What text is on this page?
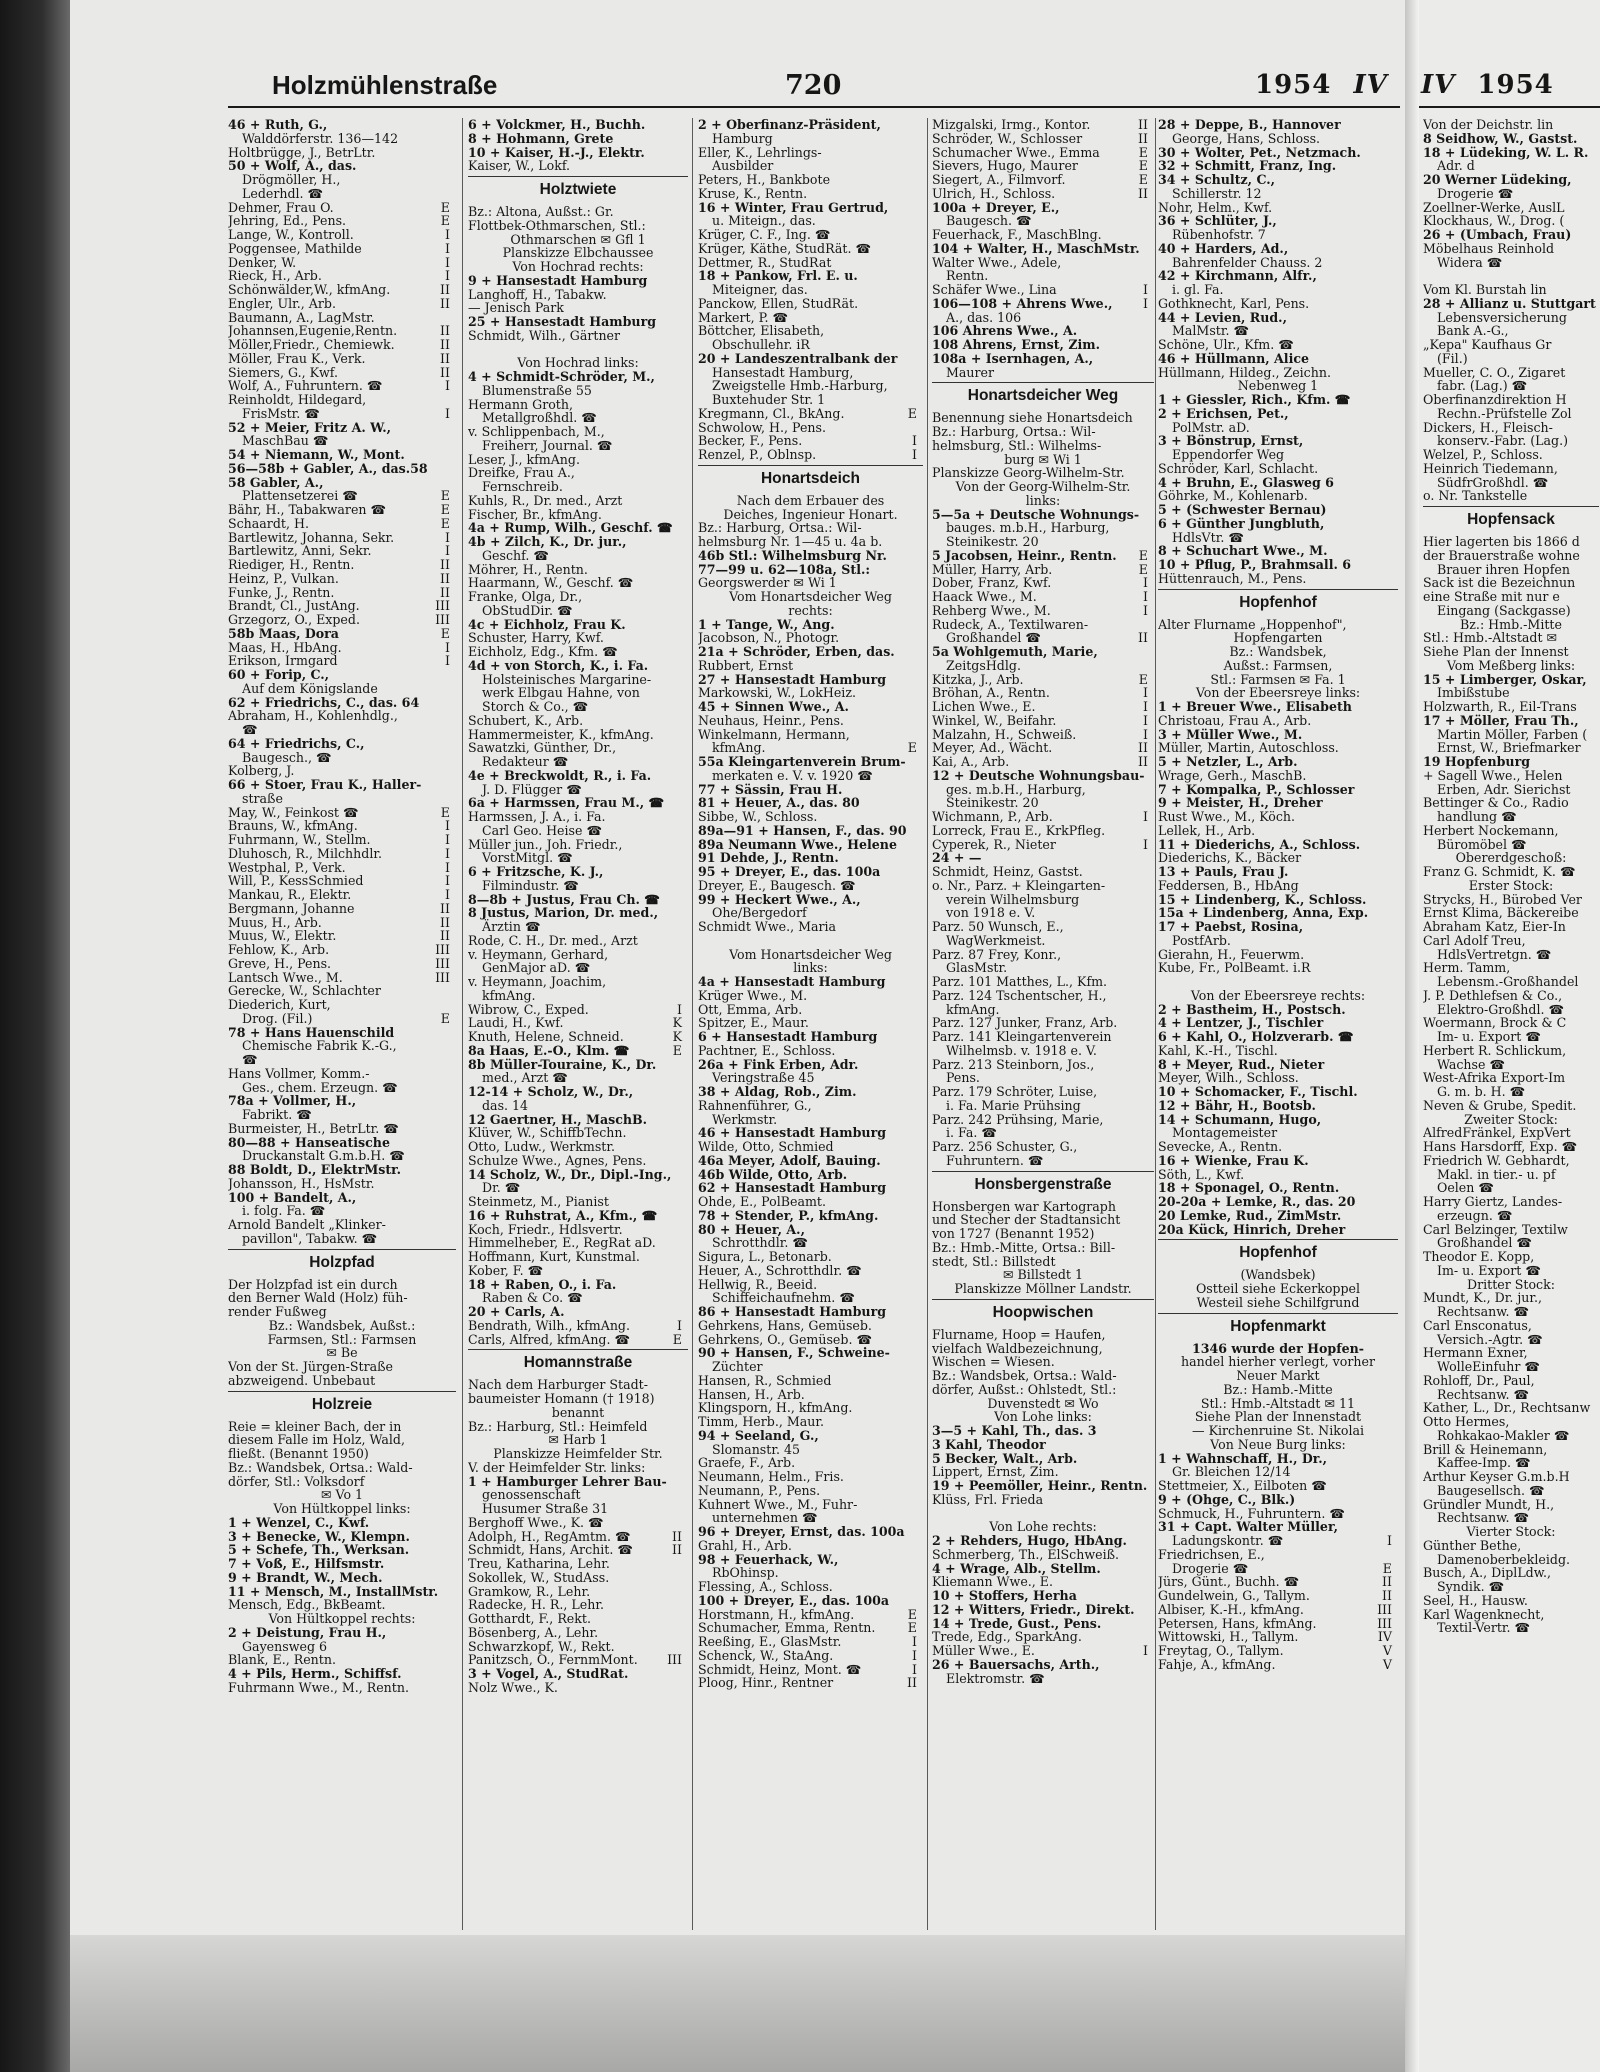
IV 1954
Von der Deichstr. lin
8 Seidhow, W., Gastst.
18 + Lüdeking, W. L. R.
Adr. d
20 Werner Lüdeking,
Drogerie ☎
Zoellner-Werke, AuslL
Klockhaus, W., Drog. (
26 + (Umbach, Frau)
Möbelhaus Reinhold
Widera ☎
Vom Kl. Burstah lin
28 + Allianz u. Stuttgart
Lebensversicherung
Bank A.-G.,
„Kepa" Kaufhaus Gr
(Fil.)
Mueller, C. O., Zigaret
fabr. (Lag.) ☎
Oberfinanzdirektion H
Rechn.-Prüfstelle Zol
Dickers, H., Fleisch-
konserv.-Fabr. (Lag.)
Welzel, P., Schloss.
Heinrich Tiedemann,
SüdfrGroßhdl. ☎
o. Nr. Tankstelle
Hopfensack
Hier lagerten bis 1866 d
der Brauerstraße wohne
Brauer ihren Hopfen
Sack ist die Bezeichnun
eine Straße mit nur e
Eingang (Sackgasse)
Bz.: Hmb.-Mitte
Stl.: Hmb.-Altstadt ✉
Siehe Plan der Innenst
Vom Meßberg links:
15 + Limberger, Oskar,
Imbißstube
Holzwarth, R., Eil-Trans
17 + Möller, Frau Th.,
Martin Möller, Farben (
Ernst, W., Briefmarker
19 Hopfenburg
+ Sagell Wwe., Helen
Erben, Adr. Sierichst
Bettinger & Co., Radio
handlung ☎
Herbert Nockemann,
Büromöbel ☎
Obererdgeschoß:
Franz G. Schmidt, K. ☎
Erster Stock:
Strycks, H., Bürobed Ver
Ernst Klima, Bäckereibe
Abraham Katz, Eier-In
Carl Adolf Treu,
HdlsVertretgn. ☎
Herm. Tamm,
Lebensm.-Großhandel
J. P. Dethlefsen & Co.,
Elektro-Großhdl. ☎
Woermann, Brock & C
Im- u. Export ☎
Herbert R. Schlickum,
Wachse ☎
West-Afrika Export-Im
G. m. b. H. ☎
Neven & Grube, Spedit.
Zweiter Stock:
AlfredFränkel, ExpVert
Hans Harsdorff, Exp. ☎
Friedrich W. Gebhardt,
Makl. in tier.- u. pf
Oelen ☎
Harry Giertz, Landes-
erzeugn. ☎
Carl Belzinger, Textilw
Großhandel ☎
Theodor E. Kopp,
Im- u. Export ☎
Dritter Stock:
Mundt, K., Dr. jur.,
Rechtsanw. ☎
Carl Ensconatus,
Versich.-Agtr. ☎
Hermann Exner,
WolleEinfuhr ☎
Rohloff, Dr., Paul,
Rechtsanw. ☎
Kather, L., Dr., Rechtsanw
Otto Hermes,
Rohkakao-Makler ☎
Brill & Heinemann,
Kaffee-Imp. ☎
Arthur Keyser G.m.b.H
Baugesellsch. ☎
Gründler Mundt, H.,
Rechtsanw. ☎
Vierter Stock:
Günther Bethe,
Damenoberbekleidg.
Busch, A., DiplLdw.,
Syndik. ☎
Seel, H., Hausw.
Karl Wagenknecht,
Textil-Vertr. ☎
Holzmühlenstraße	720	1954 IV
46 + Ruth, G.,
Walddörferstr. 136—142
Holtbrügge, J., BetrLtr.
50 + Wolf, A., das.
Drögmöller, H.,
Lederhdl. ☎
E
Dehmer, Frau O.
E
Jehring, Ed., Pens.
I
Lange, W., Kontroll.
I
Poggensee, Mathilde
I
Denker, W.
I
Rieck, H., Arb.
II
Schönwälder,W., kfmAng.
II
Engler, Ulr., Arb.
Baumann, A., LagMstr.
II
Johannsen,Eugenie,Rentn.
II
Möller,Friedr., Chemiewk.
II
Möller, Frau K., Verk.
II
Siemers, G., Kwf.
I
Wolf, A., Fuhruntern. ☎
Reinholdt, Hildegard,
I
FrisMstr. ☎
52 + Meier, Fritz A. W.,
MaschBau ☎
54 + Niemann, W., Mont.
56—58b + Gabler, A., das.58
58 Gabler, A.,
E
Plattensetzerei ☎
E
Bähr, H., Tabakwaren ☎
E
Schaardt, H.
I
Bartlewitz, Johanna, Sekr.
I
Bartlewitz, Anni, Sekr.
II
Riediger, H., Rentn.
II
Heinz, P., Vulkan.
II
Funke, J., Rentn.
III
Brandt, Cl., JustAng.
III
Grzegorz, O., Exped.
E
58b Maas, Dora
I
Maas, H., HbAng.
I
Erikson, Irmgard
60 + Forip, C.,
Auf dem Königslande
62 + Friedrichs, C., das. 64
Abraham, H., Kohlenhdlg.,
☎
64 + Friedrichs, C.,
Baugesch., ☎
Kolberg, J.
66 + Stoer, Frau K., Haller-
straße
E
May, W., Feinkost ☎
I
Brauns, W., kfmAng.
I
Fuhrmann, W., Stellm.
I
Dluhosch, R., Milchhdlr.
I
Westphal, P., Verk.
I
Will, P., KessSchmied
I
Mankau, R., Elektr.
II
Bergmann, Johanne
II
Muus, H., Arb.
II
Muus, W., Elektr.
III
Fehlow, K., Arb.
III
Greve, H., Pens.
III
Lantsch Wwe., M.
Gerecke, W., Schlachter
Diederich, Kurt,
E
Drog. (Fil.)
78 + Hans Hauenschild
Chemische Fabrik K.-G.,
☎
Hans Vollmer, Komm.-
Ges., chem. Erzeugn. ☎
78a + Vollmer, H.,
Fabrikt. ☎
Burmeister, H., BetrLtr. ☎
80—88 + Hanseatische
Druckanstalt G.m.b.H. ☎
88 Boldt, D., ElektrMstr.
Johansson, H., HsMstr.
100 + Bandelt, A.,
i. folg. Fa. ☎
Arnold Bandelt „Klinker-
pavillon", Tabakw. ☎
Holzpfad
Der Holzpfad ist ein durch
den Berner Wald (Holz) füh-
render Fußweg
Bz.: Wandsbek, Außst.:
Farmsen, Stl.: Farmsen
✉ Be
Von der St. Jürgen-Straße
abzweigend. Unbebaut
Holzreie
Reie = kleiner Bach, der in
diesem Falle im Holz, Wald,
fließt. (Benannt 1950)
Bz.: Wandsbek, Ortsa.: Wald-
dörfer, Stl.: Volksdorf
✉ Vo 1
Von Hültkoppel links:
1 + Wenzel, C., Kwf.
3 + Benecke, W., Klempn.
5 + Schefe, Th., Werksan.
7 + Voß, E., Hilfsmstr.
9 + Brandt, W., Mech.
11 + Mensch, M., InstallMstr.
Mensch, Edg., BkBeamt.
Von Hültkoppel rechts:
2 + Deistung, Frau H.,
Gayensweg 6
Blank, E., Rentn.
4 + Pils, Herm., Schiffsf.
Fuhrmann Wwe., M., Rentn.
6 + Volckmer, H., Buchh.
8 + Hohmann, Grete
10 + Kaiser, H.-J., Elektr.
Kaiser, W., Lokf.
Holztwiete
Bz.: Altona, Außst.: Gr.
Flottbek-Othmarschen, Stl.:
Othmarschen ✉ Gfl 1
Planskizze Elbchaussee
Von Hochrad rechts:
9 + Hansestadt Hamburg
Langhoff, H., Tabakw.
— Jenisch Park
25 + Hansestadt Hamburg
Schmidt, Wilh., Gärtner
Von Hochrad links:
4 + Schmidt-Schröder, M.,
Blumenstraße 55
Hermann Groth,
Metallgroßhdl. ☎
v. Schlippenbach, M.,
Freiherr, Journal. ☎
Leser, J., kfmAng.
Dreifke, Frau A.,
Fernschreib.
Kuhls, R., Dr. med., Arzt
Fischer, Br., kfmAng.
4a + Rump, Wilh., Geschf. ☎
4b + Zilch, K., Dr. jur.,
Geschf. ☎
Möhrer, H., Rentn.
Haarmann, W., Geschf. ☎
Franke, Olga, Dr.,
ObStudDir. ☎
4c + Eichholz, Frau K.
Schuster, Harry, Kwf.
Eichholz, Edg., Kfm. ☎
4d + von Storch, K., i. Fa.
Holsteinisches Margarine-
werk Elbgau Hahne, von
Storch & Co., ☎
Schubert, K., Arb.
Hammermeister, K., kfmAng.
Sawatzki, Günther, Dr.,
Redakteur ☎
4e + Breckwoldt, R., i. Fa.
J. D. Flügger ☎
6a + Harmssen, Frau M., ☎
Harmssen, J. A., i. Fa.
Carl Geo. Heise ☎
Müller jun., Joh. Friedr.,
VorstMitgl. ☎
6 + Fritzsche, K. J.,
Filmindustr. ☎
8—8b + Justus, Frau Ch. ☎
8 Justus, Marion, Dr. med.,
Ärztin ☎
Rode, C. H., Dr. med., Arzt
v. Heymann, Gerhard,
GenMajor aD. ☎
v. Heymann, Joachim,
kfmAng.
I
Wibrow, C., Exped.
K
Laudi, H., Kwf.
K
Knuth, Helene, Schneid.
E
8a Haas, E.-O., Klm. ☎
8b Müller-Touraine, K., Dr.
med., Arzt ☎
12-14 + Scholz, W., Dr.,
das. 14
12 Gaertner, H., MaschB.
Klüver, W., SchiffbTechn.
Otto, Ludw., Werkmstr.
Schulze Wwe., Agnes, Pens.
14 Scholz, W., Dr., Dipl.-Ing.,
Dr. ☎
Steinmetz, M., Pianist
16 + Ruhstrat, A., Kfm., ☎
Koch, Friedr., Hdlsvertr.
Himmelheber, E., RegRat aD.
Hoffmann, Kurt, Kunstmal.
Kober, F. ☎
18 + Raben, O., i. Fa.
Raben & Co. ☎
20 + Carls, A.
I
Bendrath, Wilh., kfmAng.
E
Carls, Alfred, kfmAng. ☎
Homannstraße
Nach dem Harburger Stadt-
baumeister Homann († 1918)
benannt
Bz.: Harburg, Stl.: Heimfeld
✉ Harb 1
Planskizze Heimfelder Str.
V. der Heimfelder Str. links:
1 + Hamburger Lehrer Bau-
genossenschaft
Husumer Straße 31
Berghoff Wwe., K. ☎
II
Adolph, H., RegAmtm. ☎
II
Schmidt, Hans, Archit. ☎
Treu, Katharina, Lehr.
Sokollek, W., StudAss.
Gramkow, R., Lehr.
Radecke, H. R., Lehr.
Gotthardt, F., Rekt.
Bösenberg, A., Lehr.
Schwarzkopf, W., Rekt.
III
Panitzsch, O., FernmMont.
3 + Vogel, A., StudRat.
Nolz Wwe., K.
2 + Oberfinanz-Präsident,
Hamburg
Eller, K., Lehrlings-
Ausbilder
Peters, H., Bankbote
Kruse, K., Rentn.
16 + Winter, Frau Gertrud,
u. Miteign., das.
Krüger, C. F., Ing. ☎
Krüger, Käthe, StudRät. ☎
Dettmer, R., StudRat
18 + Pankow, Frl. E. u.
Miteigner, das.
Panckow, Ellen, StudRät.
Markert, P. ☎
Böttcher, Elisabeth,
Obschullehr. iR
20 + Landeszentralbank der
Hansestadt Hamburg,
Zweigstelle Hmb.-Harburg,
Buxtehuder Str. 1
E
Kregmann, Cl., BkAng.
Schwolow, H., Pens.
I
Becker, F., Pens.
I
Renzel, P., Oblnsp.
Honartsdeich
Nach dem Erbauer des
Deiches, Ingenieur Honart.
Bz.: Harburg, Ortsa.: Wil-
helmsburg Nr. 1—45 u. 4a b.
46b Stl.: Wilhelmsburg Nr.
77—99 u. 62—108a, Stl.:
Georgswerder ✉ Wi 1
Vom Honartsdeicher Weg
rechts:
1 + Tange, W., Ang.
Jacobson, N., Photogr.
21a + Schröder, Erben, das.
Rubbert, Ernst
27 + Hansestadt Hamburg
Markowski, W., LokHeiz.
45 + Sinnen Wwe., A.
Neuhaus, Heinr., Pens.
Winkelmann, Hermann,
E
kfmAng.
55a Kleingartenverein Brum-
merkaten e. V. v. 1920 ☎
77 + Sässin, Frau H.
81 + Heuer, A., das. 80
Sibbe, W., Schloss.
89a—91 + Hansen, F., das. 90
89a Neumann Wwe., Helene
91 Dehde, J., Rentn.
95 + Dreyer, E., das. 100a
Dreyer, E., Baugesch. ☎
99 + Heckert Wwe., A.,
Ohe/Bergedorf
Schmidt Wwe., Maria
Vom Honartsdeicher Weg
links:
4a + Hansestadt Hamburg
Krüger Wwe., M.
Ott, Emma, Arb.
Spitzer, E., Maur.
6 + Hansestadt Hamburg
Pachtner, E., Schloss.
26a + Fink Erben, Adr.
Veringstraße 45
38 + Aldag, Rob., Zim.
Rahnenführer, G.,
Werkmstr.
46 + Hansestadt Hamburg
Wilde, Otto, Schmied
46a Meyer, Adolf, Bauing.
46b Wilde, Otto, Arb.
62 + Hansestadt Hamburg
Ohde, E., PolBeamt.
78 + Stender, P., kfmAng.
80 + Heuer, A.,
Schrotthdlr. ☎
Sigura, L., Betonarb.
Heuer, A., Schrotthdlr. ☎
Hellwig, R., Beeid.
Schiffeichaufnehm. ☎
86 + Hansestadt Hamburg
Gehrkens, Hans, Gemüseb.
Gehrkens, O., Gemüseb. ☎
90 + Hansen, F., Schweine-
Züchter
Hansen, R., Schmied
Hansen, H., Arb.
Klingsporn, H., kfmAng.
Timm, Herb., Maur.
94 + Seeland, G.,
Slomanstr. 45
Graefe, F., Arb.
Neumann, Helm., Fris.
Neumann, P., Pens.
Kuhnert Wwe., M., Fuhr-
unternehmen ☎
96 + Dreyer, Ernst, das. 100a
Grahl, H., Arb.
98 + Feuerhack, W.,
RbOhinsp.
Flessing, A., Schloss.
100 + Dreyer, E., das. 100a
E
Horstmann, H., kfmAng.
E
Schumacher, Emma, Rentn.
I
Reeßing, E., GlasMstr.
I
Schenck, W., StaAng.
I
Schmidt, Heinz, Mont. ☎
II
Ploog, Hinr., Rentner
II
Mizgalski, Irmg., Kontor.
II
Schröder, W., Schlosser
E
Schumacher Wwe., Emma
E
Sievers, Hugo, Maurer
E
Siegert, A., Filmvorf.
II
Ulrich, H., Schloss.
100a + Dreyer, E.,
Baugesch. ☎
Feuerhack, F., MaschBlng.
104 + Walter, H., MaschMstr.
Walter Wwe., Adele,
Rentn.
I
Schäfer Wwe., Lina
I
106—108 + Ahrens Wwe.,
A., das. 106
106 Ahrens Wwe., A.
108 Ahrens, Ernst, Zim.
108a + Isernhagen, A.,
Maurer
Honartsdeicher Weg
Benennung siehe Honartsdeich
Bz.: Harburg, Ortsa.: Wil-
helmsburg, Stl.: Wilhelms-
burg ✉ Wi 1
Planskizze Georg-Wilhelm-Str.
Von der Georg-Wilhelm-Str.
links:
5—5a + Deutsche Wohnungs-
bauges. m.b.H., Harburg,
Steinikestr. 20
E
5 Jacobsen, Heinr., Rentn.
E
Müller, Harry, Arb.
I
Dober, Franz, Kwf.
I
Haack Wwe., M.
I
Rehberg Wwe., M.
Rudeck, A., Textilwaren-
II
Großhandel ☎
5a Wohlgemuth, Marie,
ZeitgsHdlg.
E
Kitzka, J., Arb.
I
Bröhan, A., Rentn.
I
Lichen Wwe., E.
I
Winkel, W., Beifahr.
I
Malzahn, H., Schweiß.
II
Meyer, Ad., Wächt.
II
Kai, A., Arb.
12 + Deutsche Wohnungsbau-
ges. m.b.H., Harburg,
Steinikestr. 20
I
Wichmann, P., Arb.
Lorreck, Frau E., KrkPfleg.
I
Cyperek, R., Nieter
24 + —
Schmidt, Heinz, Gastst.
o. Nr., Parz. + Kleingarten-
verein Wilhelmsburg
von 1918 e. V.
Parz. 50 Wunsch, E.,
WagWerkmeist.
Parz. 87 Frey, Konr.,
GlasMstr.
Parz. 101 Matthes, L., Kfm.
Parz. 124 Tschentscher, H.,
kfmAng.
Parz. 127 Junker, Franz, Arb.
Parz. 141 Kleingartenverein
Wilhelmsb. v. 1918 e. V.
Parz. 213 Steinborn, Jos.,
Pens.
Parz. 179 Schröter, Luise,
i. Fa. Marie Prühsing
Parz. 242 Prühsing, Marie,
i. Fa. ☎
Parz. 256 Schuster, G.,
Fuhruntern. ☎
Honsbergenstraße
Honsbergen war Kartograph
und Stecher der Stadtansicht
von 1727 (Benannt 1952)
Bz.: Hmb.-Mitte, Ortsa.: Bill-
stedt, Stl.: Billstedt
✉ Billstedt 1
Planskizze Möllner Landstr.
Hoopwischen
Flurname, Hoop = Haufen,
vielfach Waldbezeichnung,
Wischen = Wiesen.
Bz.: Wandsbek, Ortsa.: Wald-
dörfer, Außst.: Ohlstedt, Stl.:
Duvenstedt ✉ Wo
Von Lohe links:
3—5 + Kahl, Th., das. 3
3 Kahl, Theodor
5 Becker, Walt., Arb.
Lippert, Ernst, Zim.
19 + Peemöller, Heinr., Rentn.
Klüss, Frl. Frieda
Von Lohe rechts:
2 + Rehders, Hugo, HbAng.
Schmerberg, Th., ElSchweiß.
4 + Wrage, Alb., Stellm.
Kliemann Wwe., E.
10 + Stoffers, Herha
12 + Witters, Friedr., Direkt.
14 + Trede, Gust., Pens.
Trede, Edg., SparkAng.
I
Müller Wwe., E.
26 + Bauersachs, Arth.,
Elektromstr. ☎
28 + Deppe, B., Hannover
George, Hans, Schloss.
30 + Wolter, Pet., Netzmach.
32 + Schmitt, Franz, Ing.
34 + Schultz, C.,
Schillerstr. 12
Nohr, Helm., Kwf.
36 + Schlüter, J.,
Rübenhofstr. 7
40 + Harders, Ad.,
Bahrenfelder Chauss. 2
42 + Kirchmann, Alfr.,
i. gl. Fa.
Gothknecht, Karl, Pens.
44 + Levien, Rud.,
MalMstr. ☎
Schöne, Ulr., Kfm. ☎
46 + Hüllmann, Alice
Hüllmann, Hildeg., Zeichn.
Nebenweg 1
1 + Giessler, Rich., Kfm. ☎
2 + Erichsen, Pet.,
PolMstr. aD.
3 + Bönstrup, Ernst,
Eppendorfer Weg
Schröder, Karl, Schlacht.
4 + Bruhn, E., Glasweg 6
Göhrke, M., Kohlenarb.
5 + (Schwester Bernau)
6 + Günther Jungbluth,
HdlsVtr. ☎
8 + Schuchart Wwe., M.
10 + Pflug, P., Brahmsall. 6
Hüttenrauch, M., Pens.
Hopfenhof
Alter Flurname „Hoppenhof",
Hopfengarten
Bz.: Wandsbek,
Außst.: Farmsen,
Stl.: Farmsen ✉ Fa. 1
Von der Ebeersreye links:
1 + Breuer Wwe., Elisabeth
Christoau, Frau A., Arb.
3 + Müller Wwe., M.
Müller, Martin, Autoschloss.
5 + Netzler, L., Arb.
Wrage, Gerh., MaschB.
7 + Kompalka, P., Schlosser
9 + Meister, H., Dreher
Rust Wwe., M., Köch.
Lellek, H., Arb.
11 + Diederichs, A., Schloss.
Diederichs, K., Bäcker
13 + Pauls, Frau J.
Feddersen, B., HbAng
15 + Lindenberg, K., Schloss.
15a + Lindenberg, Anna, Exp.
17 + Paebst, Rosina,
PostfArb.
Gierahn, H., Feuerwm.
Kube, Fr., PolBeamt. i.R
Von der Ebeersreye rechts:
2 + Bastheim, H., Postsch.
4 + Lentzer, J., Tischler
6 + Kahl, O., Holzverarb. ☎
Kahl, K.-H., Tischl.
8 + Meyer, Rud., Nieter
Meyer, Wilh., Schloss.
10 + Schomacker, F., Tischl.
12 + Bähr, H., Bootsb.
14 + Schumann, Hugo,
Montagemeister
Sevecke, A., Rentn.
16 + Wienke, Frau K.
Söth, L., Kwf.
18 + Sponagel, O., Rentn.
20-20a + Lemke, R., das. 20
20 Lemke, Rud., ZimMstr.
20a Kück, Hinrich, Dreher
Hopfenhof
(Wandsbek)
Ostteil siehe Eckerkoppel
Westeil siehe Schilfgrund
Hopfenmarkt
1346 wurde der Hopfen-
handel hierher verlegt, vorher
Neuer Markt
Bz.: Hamb.-Mitte
Stl.: Hmb.-Altstadt ✉ 11
Siehe Plan der Innenstadt
— Kirchenruine St. Nikolai
Von Neue Burg links:
1 + Wahnschaff, H., Dr.,
Gr. Bleichen 12/14
Stettmeier, X., Eilboten ☎
9 + (Ohge, C., Blk.)
Schmuck, H., Fuhruntern. ☎
31 + Capt. Walter Müller,
I
Ladungskontr. ☎
Friedrichsen, E.,
E
Drogerie ☎
II
Jürs, Günt., Buchh. ☎
II
Gundelwein, G., Tallym.
III
Albiser, K.-H., kfmAng.
III
Petersen, Hans, kfmAng.
IV
Wittowski, H., Tallym.
V
Freytag, O., Tallym.
V
Fahje, A., kfmAng.
